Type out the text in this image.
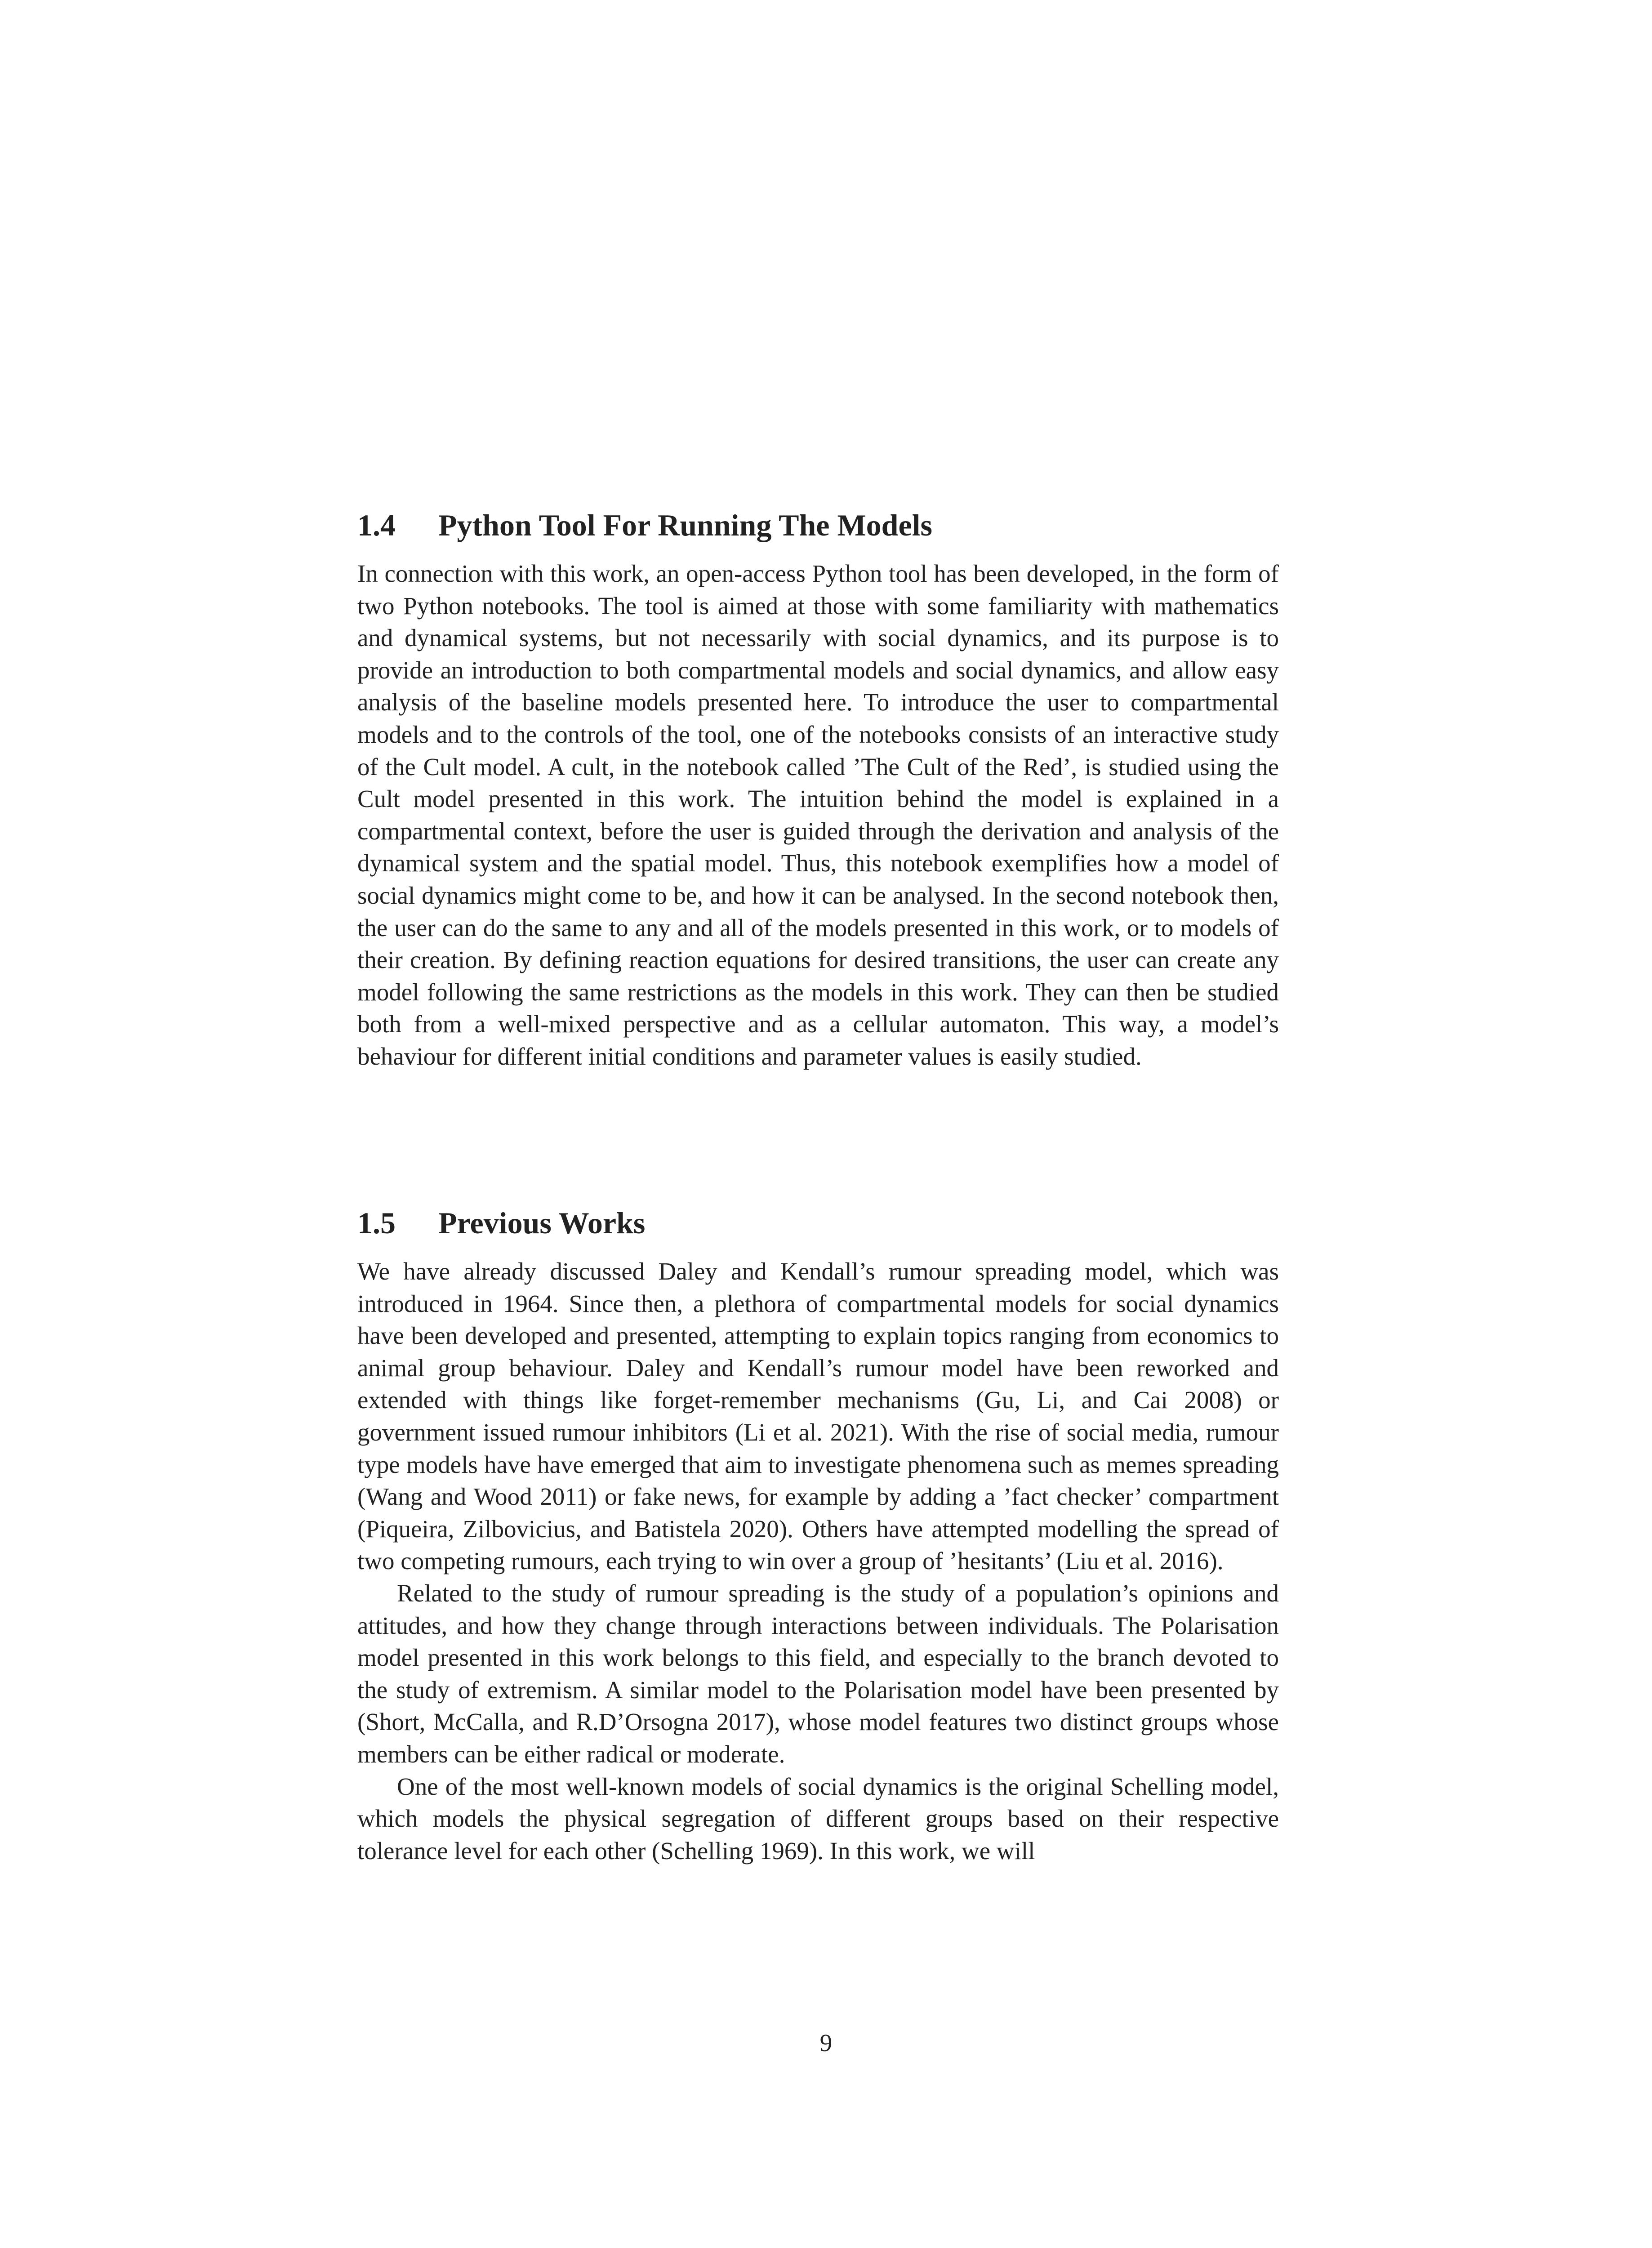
1.4 Python Tool For Running The Models

In connection with this work, an open-access Python tool has been developed, in the form of two Python notebooks. The tool is aimed at those with some familiarity with mathematics and dynamical systems, but not necessarily with social dynamics, and its purpose is to provide an introduction to both compartmental models and social dynamics, and allow easy analysis of the baseline models presented here. To introduce the user to compartmental models and to the controls of the tool, one of the notebooks consists of an interactive study of the Cult model. A cult, in the notebook called ’The Cult of the Red’, is studied using the Cult model presented in this work. The intuition behind the model is explained in a compartmental context, before the user is guided through the derivation and analysis of the dynamical system and the spatial model. Thus, this notebook exemplifies how a model of social dynamics might come to be, and how it can be analysed. In the second notebook then, the user can do the same to any and all of the models presented in this work, or to models of their creation. By defining reaction equations for desired transitions, the user can create any model following the same restrictions as the models in this work. They can then be studied both from a well-mixed perspective and as a cellular automaton. This way, a model’s behaviour for different initial conditions and parameter values is easily studied.

1.5 Previous Works

We have already discussed Daley and Kendall’s rumour spreading model, which was introduced in 1964. Since then, a plethora of compartmental models for social dynamics have been developed and presented, attempting to explain topics ranging from economics to animal group behaviour. Daley and Kendall’s rumour model have been reworked and extended with things like forget-remember mechanisms (Gu, Li, and Cai 2008) or government issued rumour inhibitors (Li et al. 2021). With the rise of social media, rumour type models have have emerged that aim to investigate phenomena such as memes spreading (Wang and Wood 2011) or fake news, for example by adding a ’fact checker’ compartment (Piqueira, Zilbovicius, and Batistela 2020). Others have attempted modelling the spread of two competing rumours, each trying to win over a group of ’hesitants’ (Liu et al. 2016).

Related to the study of rumour spreading is the study of a population’s opinions and attitudes, and how they change through interactions between individuals. The Polarisation model presented in this work belongs to this field, and especially to the branch devoted to the study of extremism. A similar model to the Polarisation model have been presented by (Short, McCalla, and R.D’Orsogna 2017), whose model features two distinct groups whose members can be either radical or moderate.

One of the most well-known models of social dynamics is the original Schelling model, which models the physical segregation of different groups based on their respective tolerance level for each other (Schelling 1969). In this work, we will

9
